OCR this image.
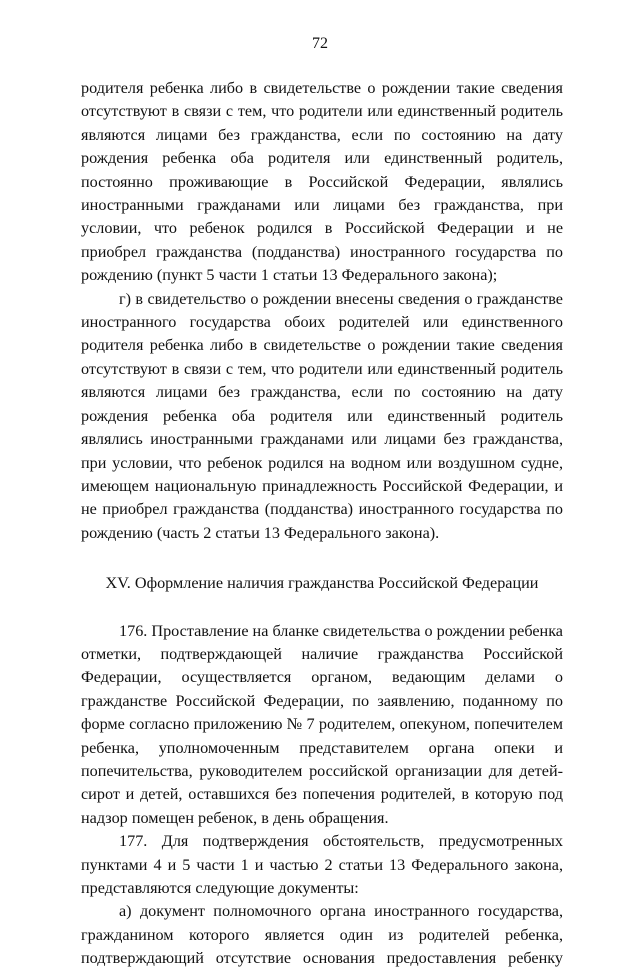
72

родителя ребенка либо в свидетельстве о рождении такие сведения отсутствуют в связи с тем, что родители или единственный родитель являются лицами без гражданства, если по состоянию на дату рождения ребенка оба родителя или единственный родитель, постоянно проживающие в Российской Федерации, являлись иностранными гражданами или лицами без гражданства, при условии, что ребенок родился в Российской Федерации и не приобрел гражданства (подданства) иностранного государства по рождению (пункт 5 части 1 статьи 13 Федерального закона);

г) в свидетельство о рождении внесены сведения о гражданстве иностранного государства обоих родителей или единственного родителя ребенка либо в свидетельстве о рождении такие сведения отсутствуют в связи с тем, что родители или единственный родитель являются лицами без гражданства, если по состоянию на дату рождения ребенка оба родителя или единственный родитель являлись иностранными гражданами или лицами без гражданства, при условии, что ребенок родился на водном или воздушном судне, имеющем национальную принадлежность Российской Федерации, и не приобрел гражданства (подданства) иностранного государства по рождению (часть 2 статьи 13 Федерального закона).

XV. Оформление наличия гражданства Российской Федерации

176. Проставление на бланке свидетельства о рождении ребенка отметки, подтверждающей наличие гражданства Российской Федерации, осуществляется органом, ведающим делами о гражданстве Российской Федерации, по заявлению, поданному по форме согласно приложению № 7 родителем, опекуном, попечителем ребенка, уполномоченным представителем органа опеки и попечительства, руководителем российской организации для детей-сирот и детей, оставшихся без попечения родителей, в которую под надзор помещен ребенок, в день обращения.

177. Для подтверждения обстоятельств, предусмотренных пунктами 4 и 5 части 1 и частью 2 статьи 13 Федерального закона, представляются следующие документы:

а) документ полномочного органа иностранного государства, гражданином которого является один из родителей ребенка, подтверждающий отсутствие основания предоставления ребенку
